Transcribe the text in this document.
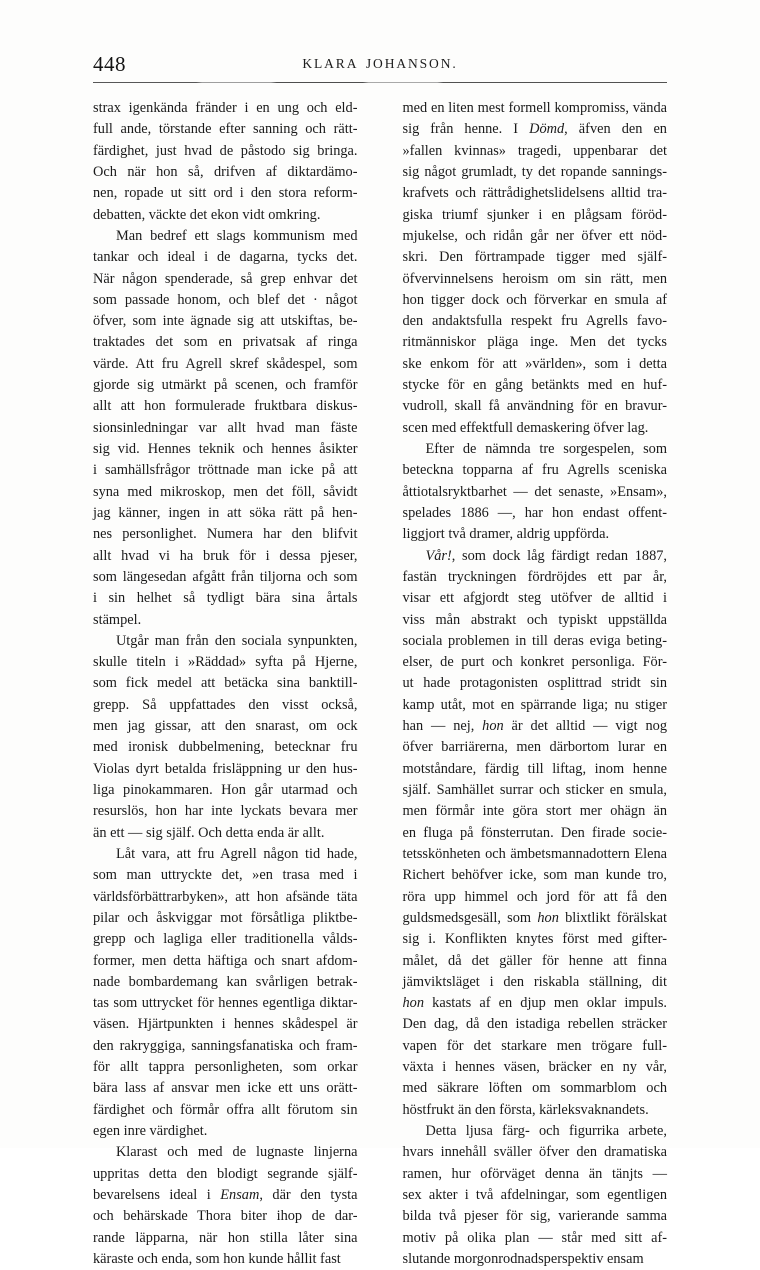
448	KLARA JOHANSON.

strax igenkända fränder i en ung och eld-
full ande, törstande efter sanning och rätt-
färdighet, just hvad de påstodo sig bringa.
Och när hon så, drifven af diktardämo-
nen, ropade ut sitt ord i den stora reform-
debatten, väckte det ekon vidt omkring.

Man bedref ett slags kommunism med
tankar och ideal i de dagarna, tycks det.
När någon spenderade, så grep enhvar det
som passade honom, och blef det · något
öfver, som inte ägnade sig att utskiftas, be-
traktades det som en privatsak af ringa
värde. Att fru Agrell skref skådespel, som
gjorde sig utmärkt på scenen, och framför
allt att hon formulerade fruktbara diskus-
sionsinledningar var allt hvad man fäste
sig vid. Hennes teknik och hennes åsikter
i samhällsfrågor tröttnade man icke på att
syna med mikroskop, men det föll, såvidt
jag känner, ingen in att söka rätt på hen-
nes personlighet. Numera har den blifvit
allt hvad vi ha bruk för i dessa pjeser,
som längesedan afgått från tiljorna och som
i sin helhet så tydligt bära sina årtals
stämpel.

Utgår man från den sociala synpunkten,
skulle titeln i »Räddad» syfta på Hjerne,
som fick medel att betäcka sina banktill-
grepp. Så uppfattades den visst också,
men jag gissar, att den snarast, om ock
med ironisk dubbelmening, betecknar fru
Violas dyrt betalda frisläppning ur den hus-
liga pinokammaren. Hon går utarmad och
resurslös, hon har inte lyckats bevara mer
än ett — sig själf. Och detta enda är allt.

Låt vara, att fru Agrell någon tid hade,
som man uttryckte det, »en trasa med i
världsförbättrarbyken», att hon afsände täta
pilar och åskviggar mot försåtliga pliktbe-
grepp och lagliga eller traditionella vålds-
former, men detta häftiga och snart afdom-
nade bombardemang kan svårligen betrak-
tas som uttrycket för hennes egentliga diktar-
väsen. Hjärtpunkten i hennes skådespel är
den rakryggiga, sanningsfanatiska och fram-
för allt tappra personligheten, som orkar
bära lass af ansvar men icke ett uns orätt-
färdighet och förmår offra allt förutom sin
egen inre värdighet.

Klarast och med de lugnaste linjerna
uppritas detta den blodigt segrande själf-
bevarelsens ideal i Ensam, där den tysta
och behärskade Thora biter ihop de dar-
rande läpparna, när hon stilla låter sina
käraste och enda, som hon kunde hållit fast

med en liten mest formell kompromiss, vända
sig från henne. I Dömd, äfven den en
»fallen kvinnas» tragedi, uppenbarar det
sig något grumladt, ty det ropande sannings-
krafvets och rättrådighetslidelsens alltid tra-
giska triumf sjunker i en plågsam föröd-
mjukelse, och ridån går ner öfver ett nöd-
skri. Den förtrampade tigger med själf-
öfvervinnelsens heroism om sin rätt, men
hon tigger dock och förverkar en smula af
den andaktsfulla respekt fru Agrells favo-
ritmänniskor pläga inge. Men det tycks
ske enkom för att »världen», som i detta
stycke för en gång betänkts med en huf-
vudroll, skall få användning för en bravur-
scen med effektfull demaskering öfver lag.

Efter de nämnda tre sorgespelen, som
beteckna topparna af fru Agrells sceniska
åttiotalsryktbarhet — det senaste, »Ensam»,
spelades 1886 —, har hon endast offent-
liggjort två dramer, aldrig uppförda.

Vår!, som dock låg färdigt redan 1887,
fastän tryckningen fördröjdes ett par år,
visar ett afgjordt steg utöfver de alltid i
viss mån abstrakt och typiskt uppställda
sociala problemen in till deras eviga beting-
elser, de purt och konkret personliga. För-
ut hade protagonisten osplittrad stridt sin
kamp utåt, mot en spärrande liga; nu stiger
han — nej, hon är det alltid — vigt nog
öfver barriärerna, men därbortom lurar en
motståndare, färdig till liftag, inom henne
själf. Samhället surrar och sticker en smula,
men förmår inte göra stort mer ohägn än
en fluga på fönsterrutan. Den firade socie-
tetsskönheten och ämbetsmannadottern Elena
Richert behöfver icke, som man kunde tro,
röra upp himmel och jord för att få den
guldsmedsgesäll, som hon blixtlikt förälskat
sig i. Konflikten knytes först med gifter-
målet, då det gäller för henne att finna
jämviktsläget i den riskabla ställning, dit
hon kastats af en djup men oklar impuls.
Den dag, då den istadiga rebellen sträcker
vapen för det starkare men trögare full-
växta i hennes väsen, bräcker en ny vår,
med säkrare löften om sommarblom och
höstfrukt än den första, kärleksvaknandets.

Detta ljusa färg- och figurrika arbete,
hvars innehåll sväller öfver den dramatiska
ramen, hur oförväget denna än tänjts —
sex akter i två afdelningar, som egentligen
bilda två pjeser för sig, varierande samma
motiv på olika plan — står med sitt af-
slutande morgonrodnadsperspektiv ensam
